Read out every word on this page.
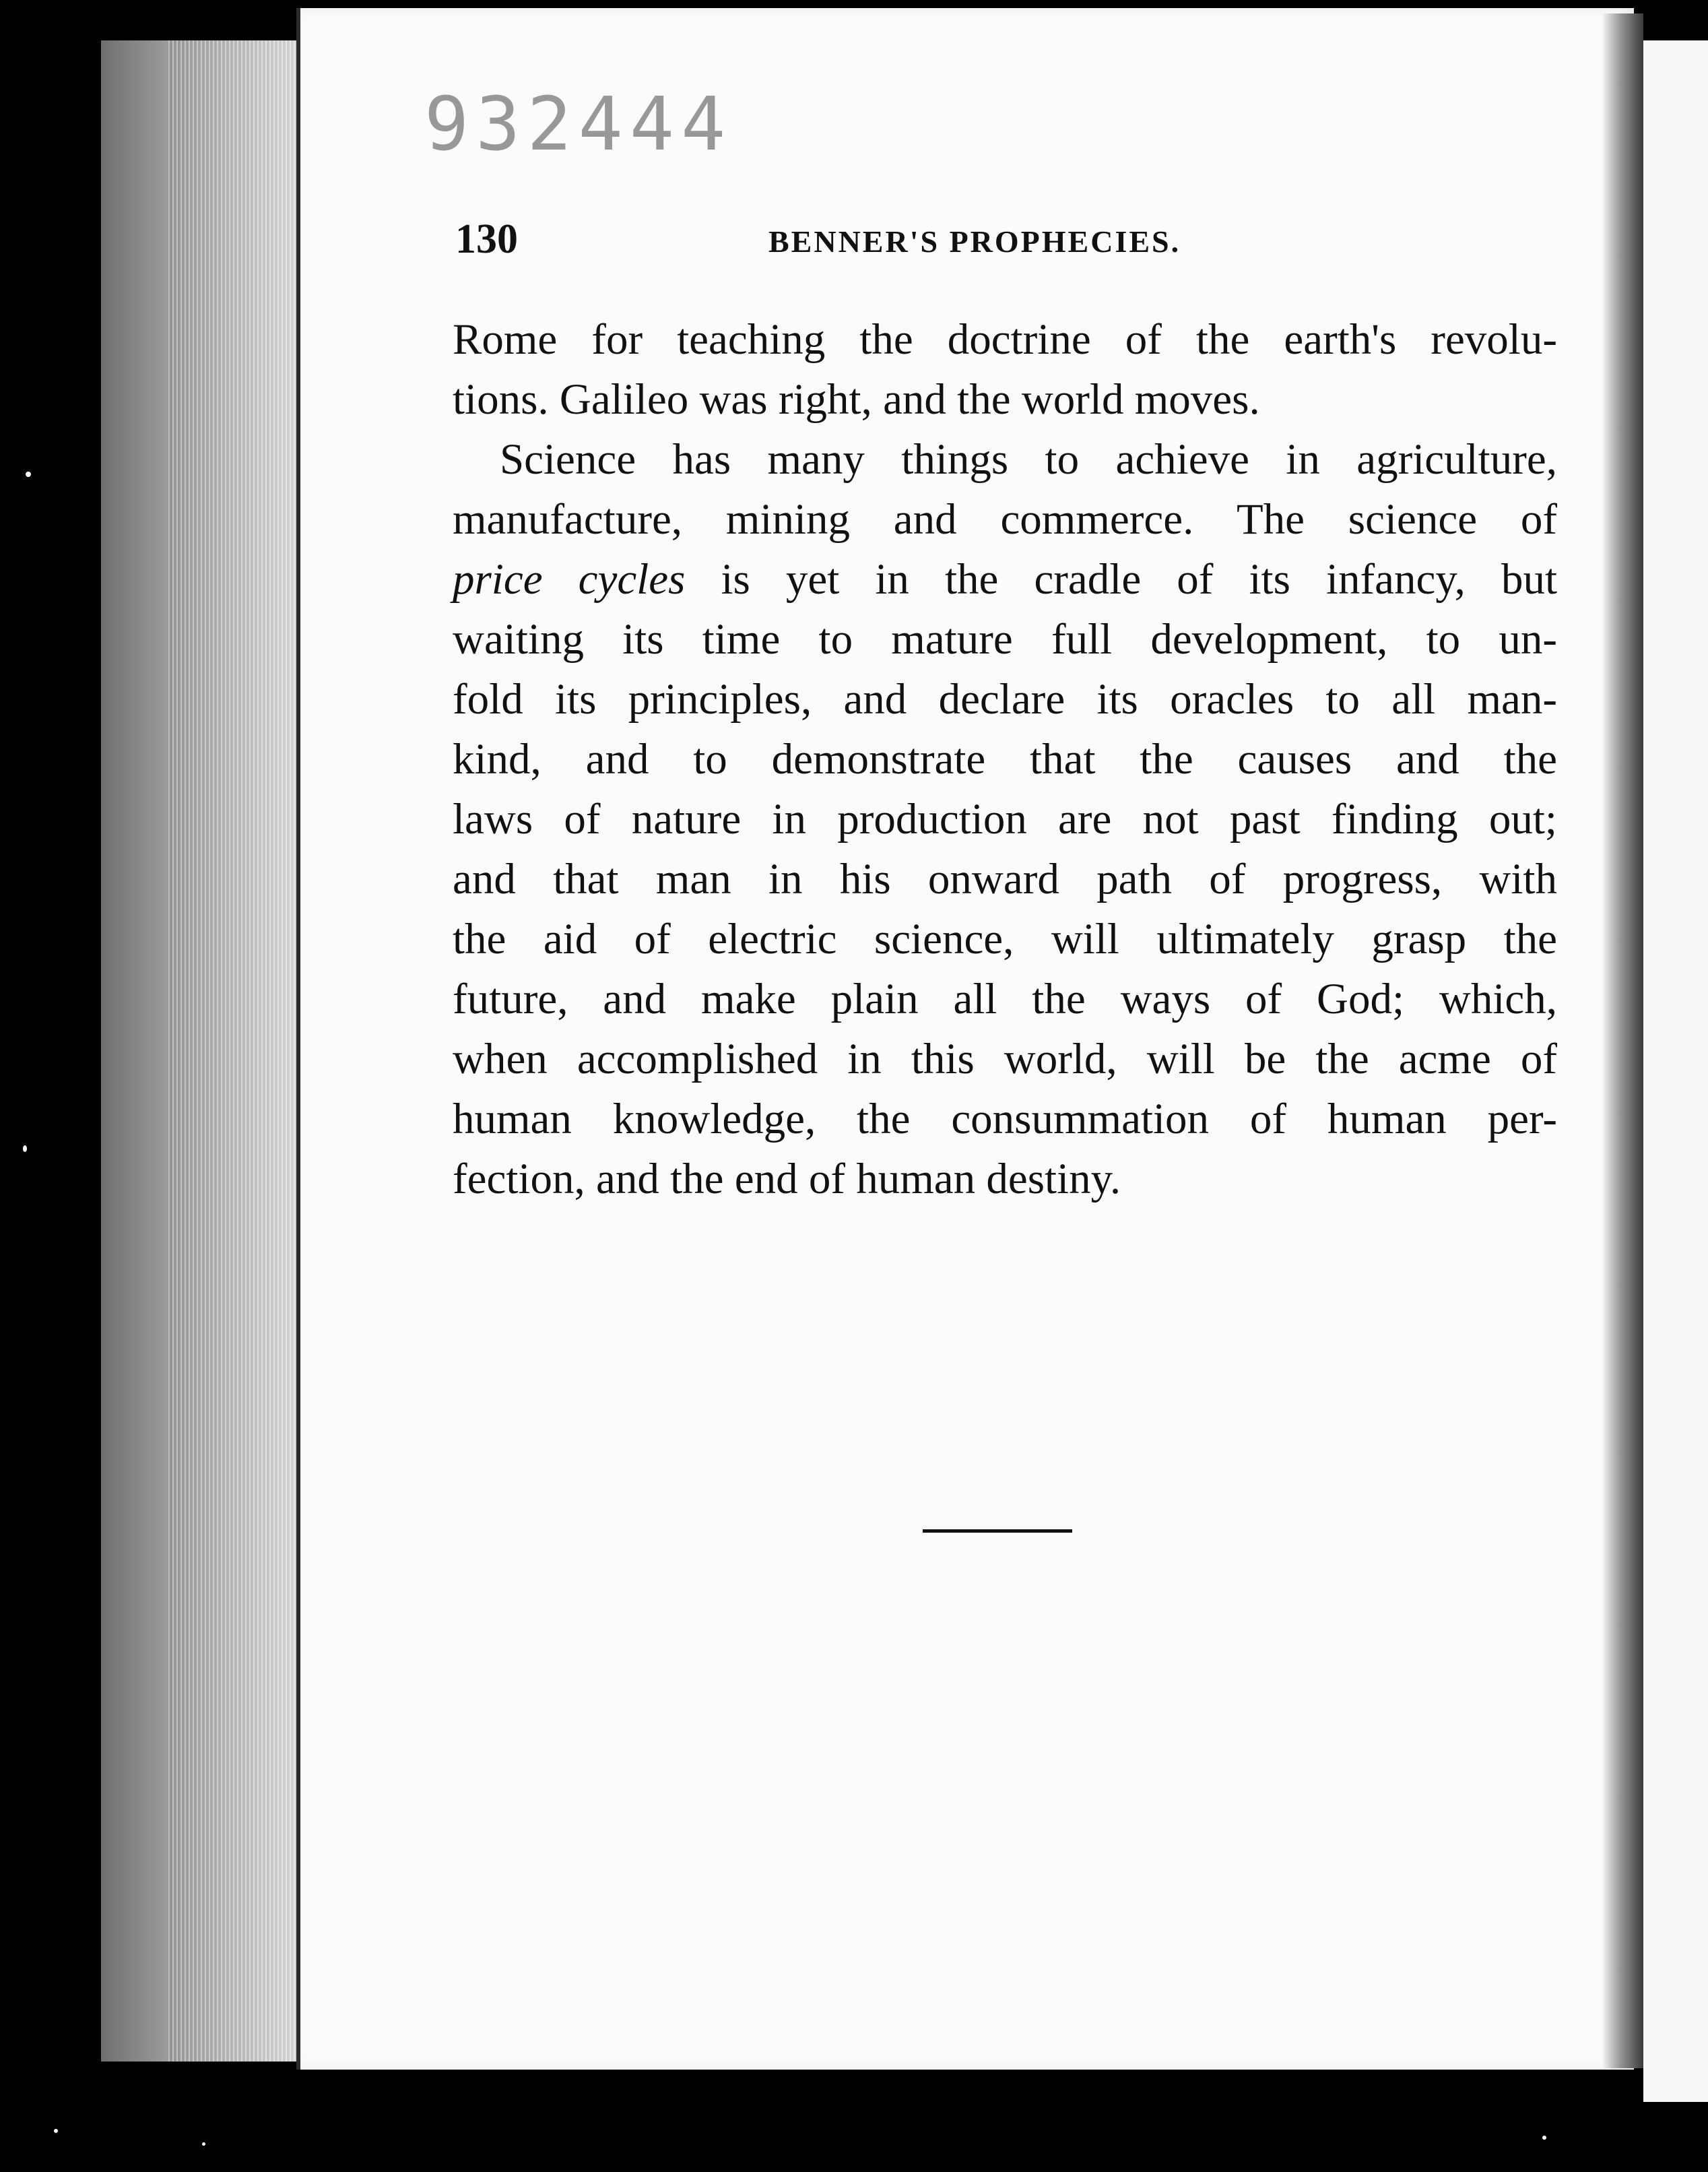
932444
130	BENNER'S PROPHECIES.
Rome for teaching the doctrine of the earth's revolu-
tions. Galileo was right, and the world moves.
Science has many things to achieve in agriculture,
manufacture, mining and commerce. The science of
price cycles is yet in the cradle of its infancy, but
waiting its time to mature full development, to un-
fold its principles, and declare its oracles to all man-
kind, and to demonstrate that the causes and the
laws of nature in production are not past finding out;
and that man in his onward path of progress, with
the aid of electric science, will ultimately grasp the
future, and make plain all the ways of God; which,
when accomplished in this world, will be the acme of
human knowledge, the consummation of human per-
fection, and the end of human destiny.
